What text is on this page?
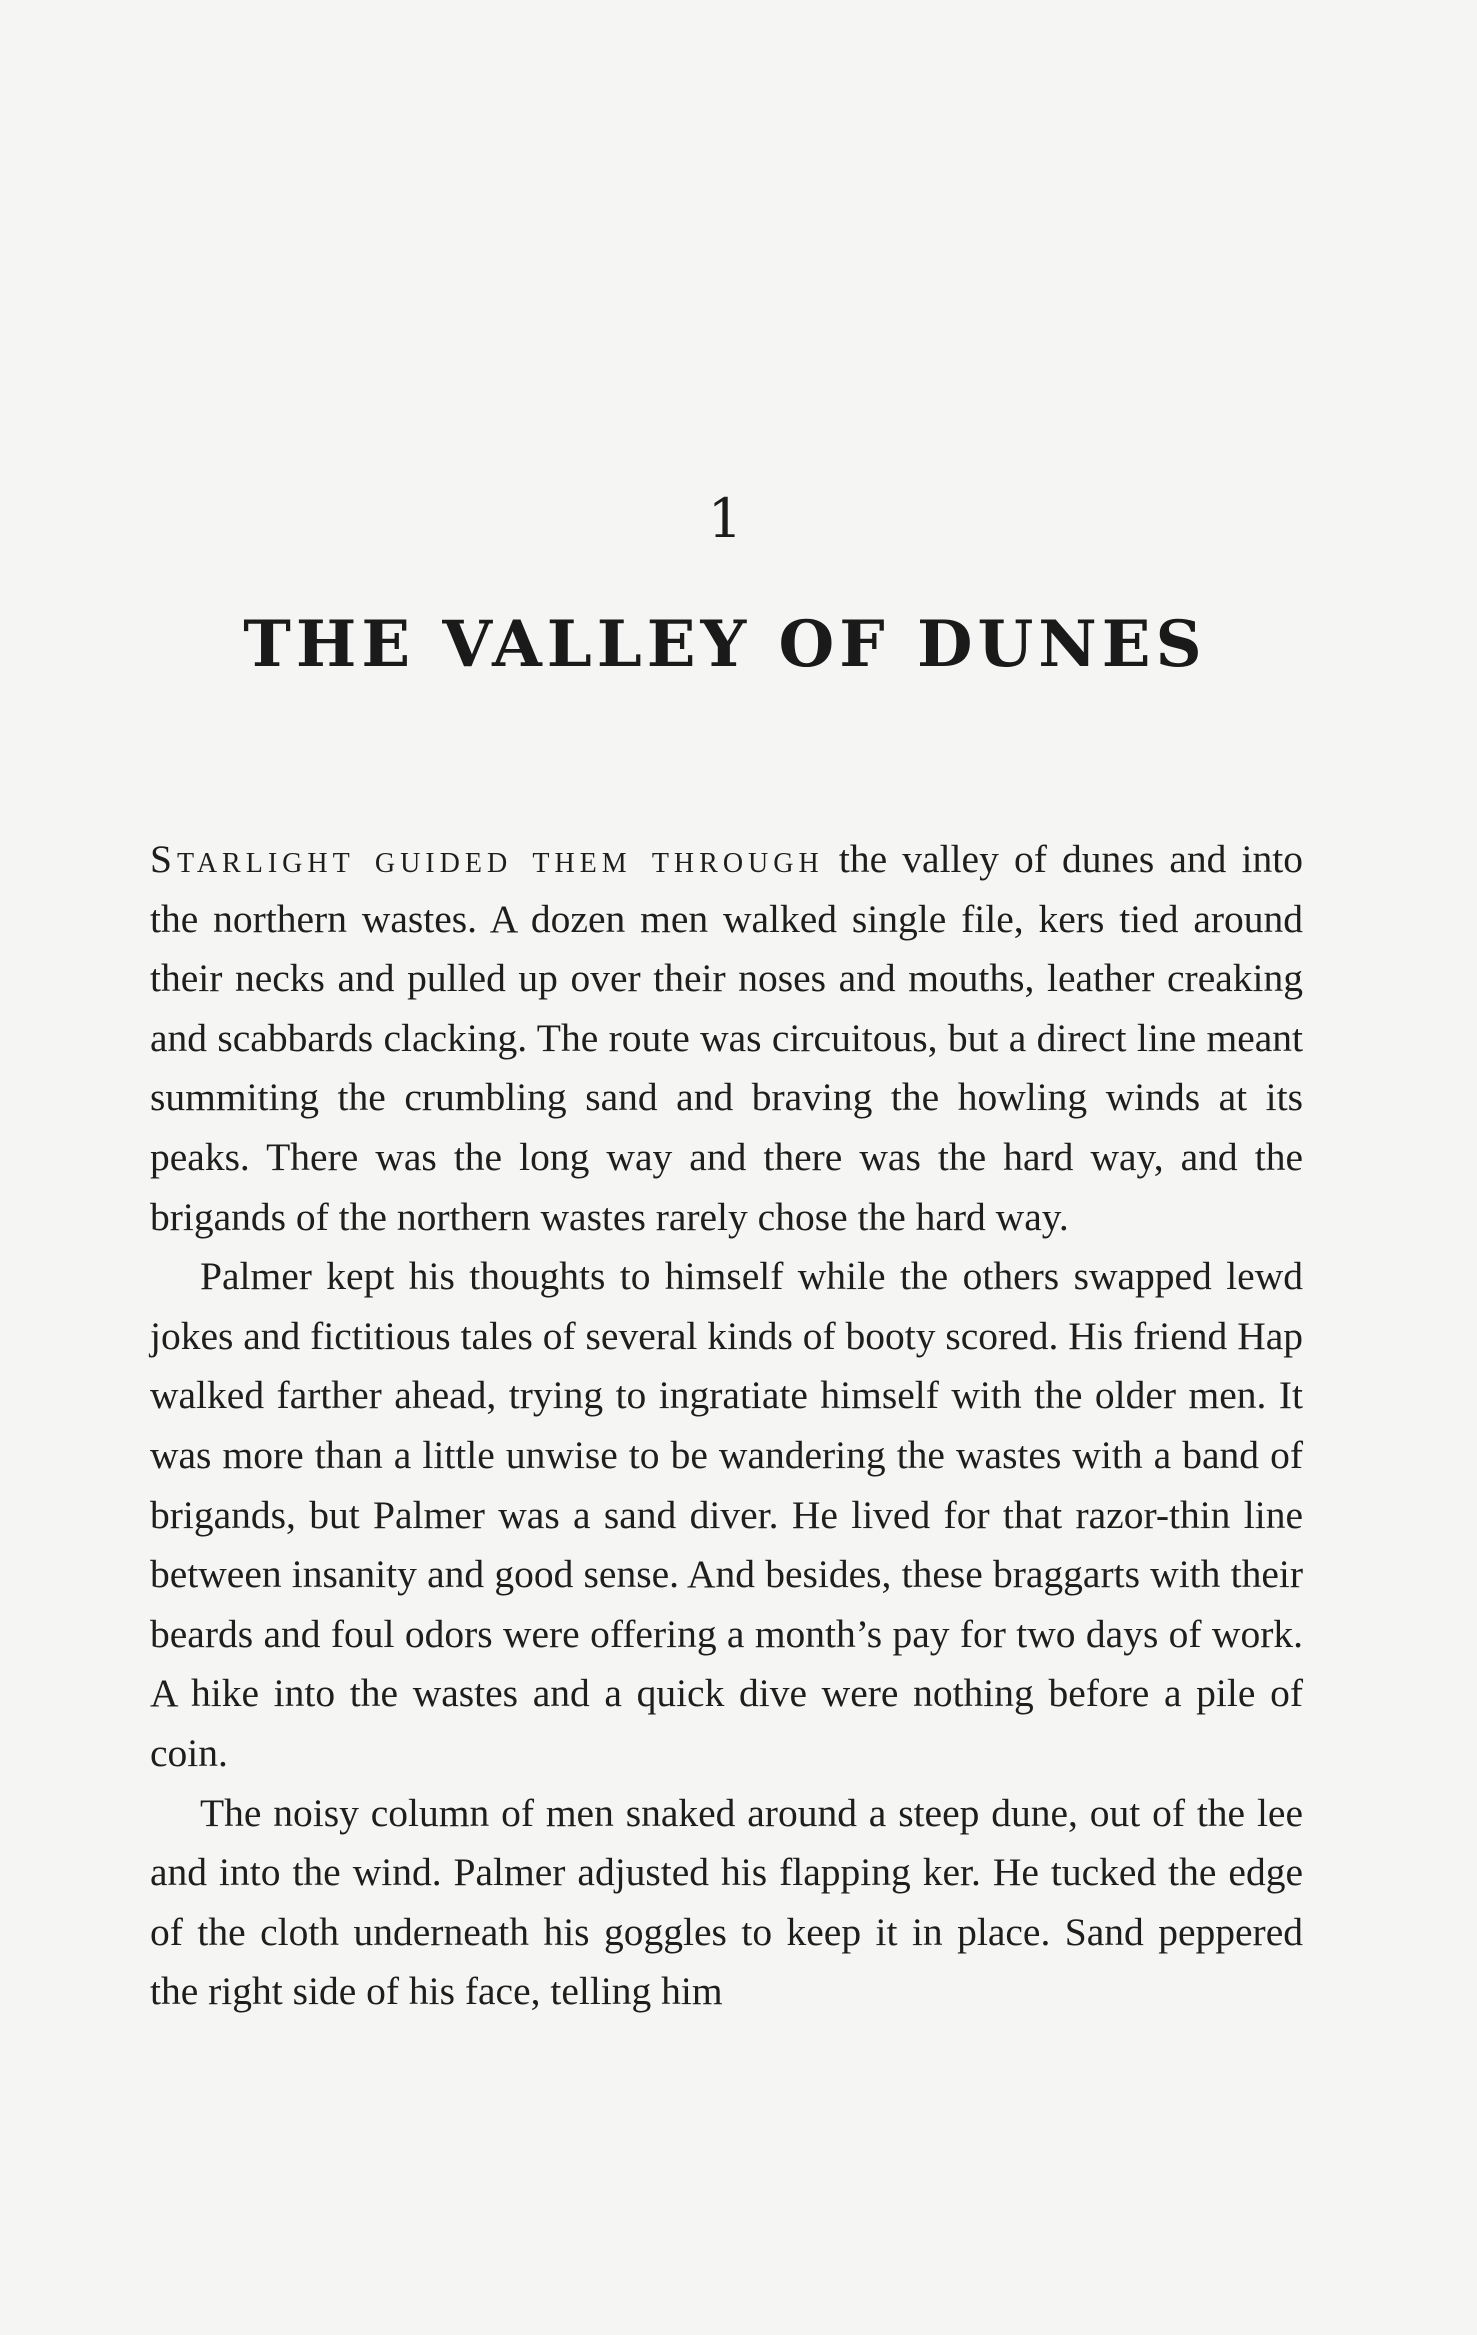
1
THE VALLEY OF DUNES

Starlight guided them through the valley of dunes and into the northern wastes. A dozen men walked single file, kers tied around their necks and pulled up over their noses and mouths, leather creaking and scabbards clacking. The route was circuitous, but a direct line meant summiting the crumbling sand and braving the howling winds at its peaks. There was the long way and there was the hard way, and the brigands of the northern wastes rarely chose the hard way.

Palmer kept his thoughts to himself while the others swapped lewd jokes and fictitious tales of several kinds of booty scored. His friend Hap walked farther ahead, trying to ingratiate himself with the older men. It was more than a little unwise to be wandering the wastes with a band of brigands, but Palmer was a sand diver. He lived for that razor-thin line between insanity and good sense. And besides, these braggarts with their beards and foul odors were offering a month’s pay for two days of work. A hike into the wastes and a quick dive were nothing before a pile of coin.

The noisy column of men snaked around a steep dune, out of the lee and into the wind. Palmer adjusted his flapping ker. He tucked the edge of the cloth underneath his goggles to keep it in place. Sand peppered the right side of his face, telling him
